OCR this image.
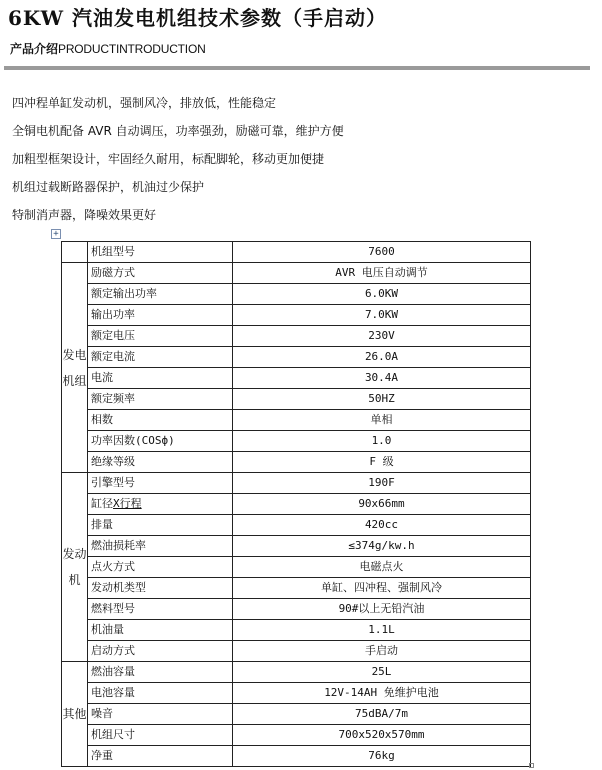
6KW 汽油发电机组技术参数（手启动）
产品介绍PRODUCTINTRODUCTION
四冲程单缸发动机，强制风冷，排放低，性能稳定
全铜电机配备 AVR 自动调压，功率强劲，励磁可靠，维护方便
加粗型框架设计，牢固经久耐用，标配脚轮，移动更加便捷
机组过载断路器保护，机油过少保护
特制消声器，降噪效果更好
+
	机组型号	7600
发电机组	励磁方式	AVR 电压自动调节
	额定输出功率	6.0KW
	输出功率	7.0KW
	额定电压	230V
	额定电流	26.0A
	电流	30.4A
	额定频率	50HZ
	相数	单相
	功率因数(COSф)	1.0
	绝缘等级	F 级
发动机	引擎型号	190F
	缸径X行程	90x66mm
	排量	420cc
	燃油损耗率	≤374g/kw.h
	点火方式	电磁点火
	发动机类型	单缸、四冲程、强制风冷
	燃料型号	90#以上无铅汽油
	机油量	1.1L
	启动方式	手启动
其他	燃油容量	25L
	电池容量	12V-14AH 免维护电池
	噪音	75dBA/7m
	机组尺寸	700x520x570mm
	净重	76kg
